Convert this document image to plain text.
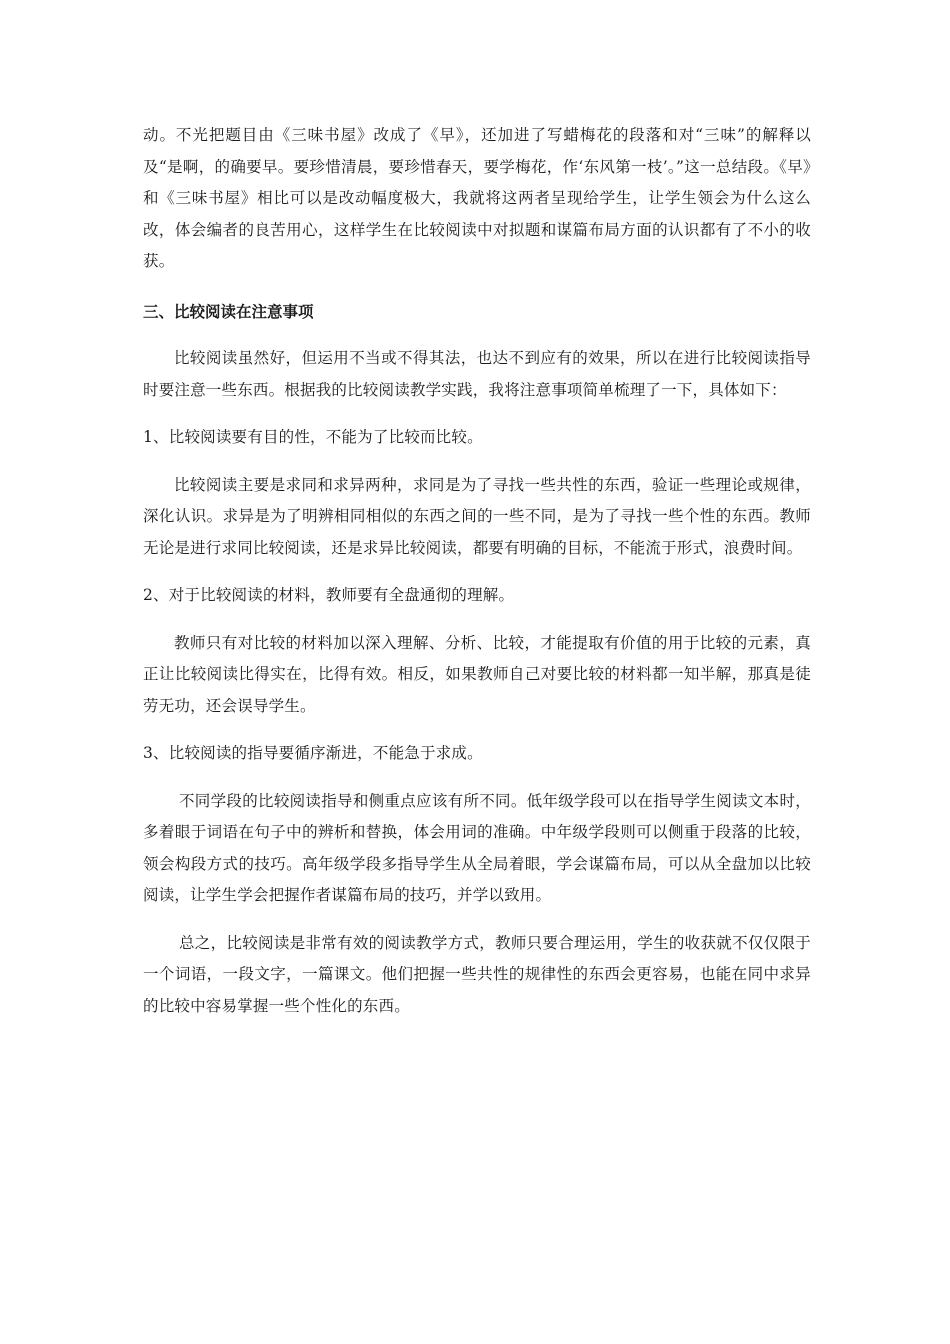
动。不光把题目由《三味书屋》改成了《早》，还加进了写蜡梅花的段落和对“三味”的解释以及“是啊，的确要早。要珍惜清晨，要珍惜春天，要学梅花，作‘东风第一枝’。”这一总结段。《早》和《三味书屋》相比可以是改动幅度极大，我就将这两者呈现给学生，让学生领会为什么这么改，体会编者的良苦用心，这样学生在比较阅读中对拟题和谋篇布局方面的认识都有了不小的收获。

三、比较阅读在注意事项

比较阅读虽然好，但运用不当或不得其法，也达不到应有的效果，所以在进行比较阅读指导时要注意一些东西。根据我的比较阅读教学实践，我将注意事项简单梳理了一下，具体如下：

1、比较阅读要有目的性，不能为了比较而比较。

比较阅读主要是求同和求异两种，求同是为了寻找一些共性的东西，验证一些理论或规律，深化认识。求异是为了明辨相同相似的东西之间的一些不同，是为了寻找一些个性的东西。教师无论是进行求同比较阅读，还是求异比较阅读，都要有明确的目标，不能流于形式，浪费时间。

2、对于比较阅读的材料，教师要有全盘通彻的理解。

教师只有对比较的材料加以深入理解、分析、比较，才能提取有价值的用于比较的元素，真正让比较阅读比得实在，比得有效。相反，如果教师自己对要比较的材料都一知半解，那真是徒劳无功，还会误导学生。

3、比较阅读的指导要循序渐进，不能急于求成。

不同学段的比较阅读指导和侧重点应该有所不同。低年级学段可以在指导学生阅读文本时，多着眼于词语在句子中的辨析和替换，体会用词的准确。中年级学段则可以侧重于段落的比较，领会构段方式的技巧。高年级学段多指导学生从全局着眼，学会谋篇布局，可以从全盘加以比较阅读，让学生学会把握作者谋篇布局的技巧，并学以致用。

总之，比较阅读是非常有效的阅读教学方式，教师只要合理运用，学生的收获就不仅仅限于一个词语，一段文字，一篇课文。他们把握一些共性的规律性的东西会更容易，也能在同中求异的比较中容易掌握一些个性化的东西。
